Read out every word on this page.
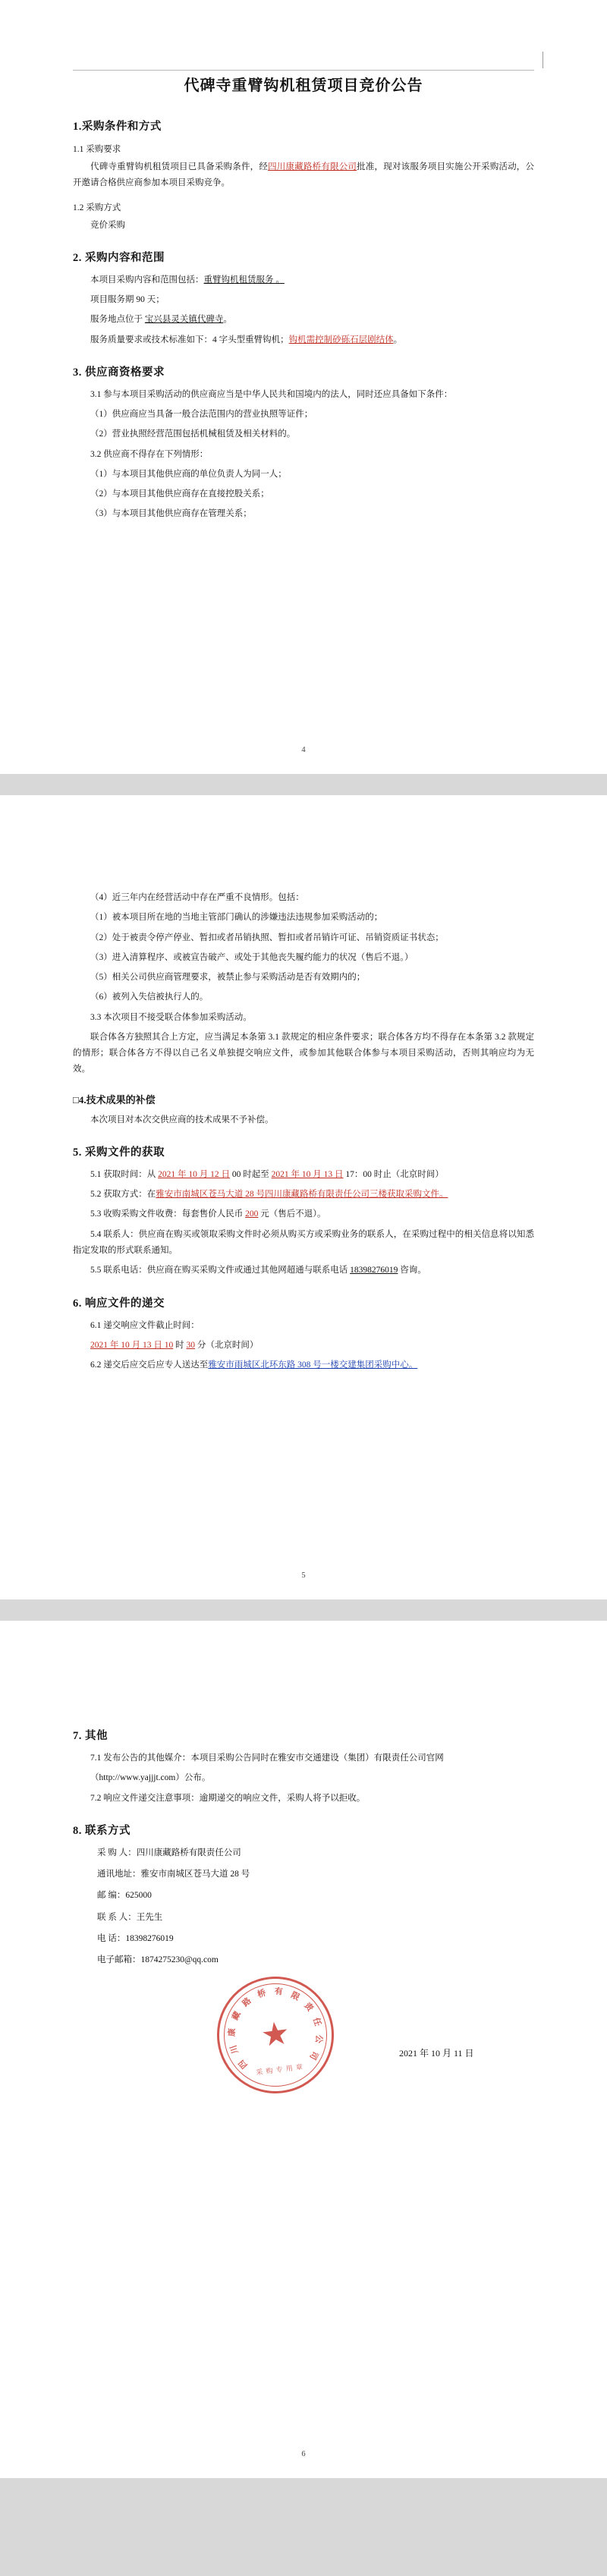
代碑寺重臂钩机租赁项目竞价公告
1.采购条件和方式
1.1 采购要求

代碑寺重臂钩机租赁项目已具备采购条件，经四川康藏路桥有限公司批准，现对该服务项目实施公开采购活动，公开邀请合格供应商参加本项目采购竞争。

1.2 采购方式

竞价采购

2. 采购内容和范围

本项目采购内容和范围包括：重臂钩机租赁服务 。

项目服务期 90 天；

服务地点位于 宝兴县灵关镇代碑寺。

服务质量要求或技术标准如下：4 字头型重臂钩机；钩机需控制砂砾石层剧结体。

3. 供应商资格要求

3.1 参与本项目采购活动的供应商应当是中华人民共和国境内的法人，同时还应具备如下条件：

（1）供应商应当具备一般合法范围内的营业执照等证件；

（2）营业执照经营范围包括机械租赁及相关材料的。

3.2 供应商不得存在下列情形：

（1）与本项目其他供应商的单位负责人为同一人；

（2）与本项目其他供应商存在直接控股关系；

（3）与本项目其他供应商存在管理关系；

4

（4）近三年内在经营活动中存在严重不良情形。包括：

（1）被本项目所在地的当地主管部门确认的涉嫌违法违规参加采购活动的；

（2）处于被责令停产停业、暂扣或者吊销执照、暂扣或者吊销许可证、吊销资质证书状态；

（3）进入清算程序、或被宣告破产、或处于其他丧失履约能力的状况（售后不退。）

（5）相关公司供应商管理要求，被禁止参与采购活动是否有效期内的；

（6）被列入失信被执行人的。

3.3 本次项目不接受联合体参加采购活动。

联合体各方独照其合上方定，应当满足本条第 3.1 款规定的相应条件要求；联合体各方均不得存在本条第 3.2 款规定的情形；联合体各方不得以自己名义单独提交响应文件，或参加其他联合体参与本项目采购活动，否则其响应均为无效。

□4.技术成果的补偿

本次项目对本次交供应商的技术成果不予补偿。

5. 采购文件的获取

5.1 获取时间：从 2021 年 10 月 12 日 00 时起至 2021 年 10 月 13 日 17：00 时止（北京时间）

5.2 获取方式：在雅安市南城区苍马大道 28 号四川康藏路桥有限责任公司三楼获取采购文件。

5.3 收购采购文件收费：每套售价人民币 200 元（售后不退）。

5.4 联系人：供应商在购买或领取采购文件时必须从购买方或采购业务的联系人，在采购过程中的相关信息将以知悉指定发取的形式联系通知。

5.5 联系电话：供应商在购买采购文件或通过其他网超通与联系电话 18398276019 咨询。

6. 响应文件的递交

6.1 递交响应文件截止时间：

2021 年 10 月 13 日 10 时 30 分（北京时间）

6.2 递交后应交后应专人送达至雅安市雨城区北环东路 308 号一楼交建集团采购中心。

5
7. 其他

7.1 发布公告的其他媒介：本项目采购公告同时在雅安市交通建设（集团）有限责任公司官网

（http://www.yajjjt.com）公布。

7.2 响应文件递交注意事项：逾期递交的响应文件，采购人将予以拒收。

8. 联系方式

采 购 人：四川康藏路桥有限责任公司

通讯地址：雅安市南城区苍马大道 28 号

邮 编：625000

联 系 人：王先生

电 话：18398276019

电子邮箱：1874275230@qq.com

★
四
川
康
藏
路
桥 有 限
责
任
公
司
采 购 专 用 章
2021 年 10 月 11 日
6
